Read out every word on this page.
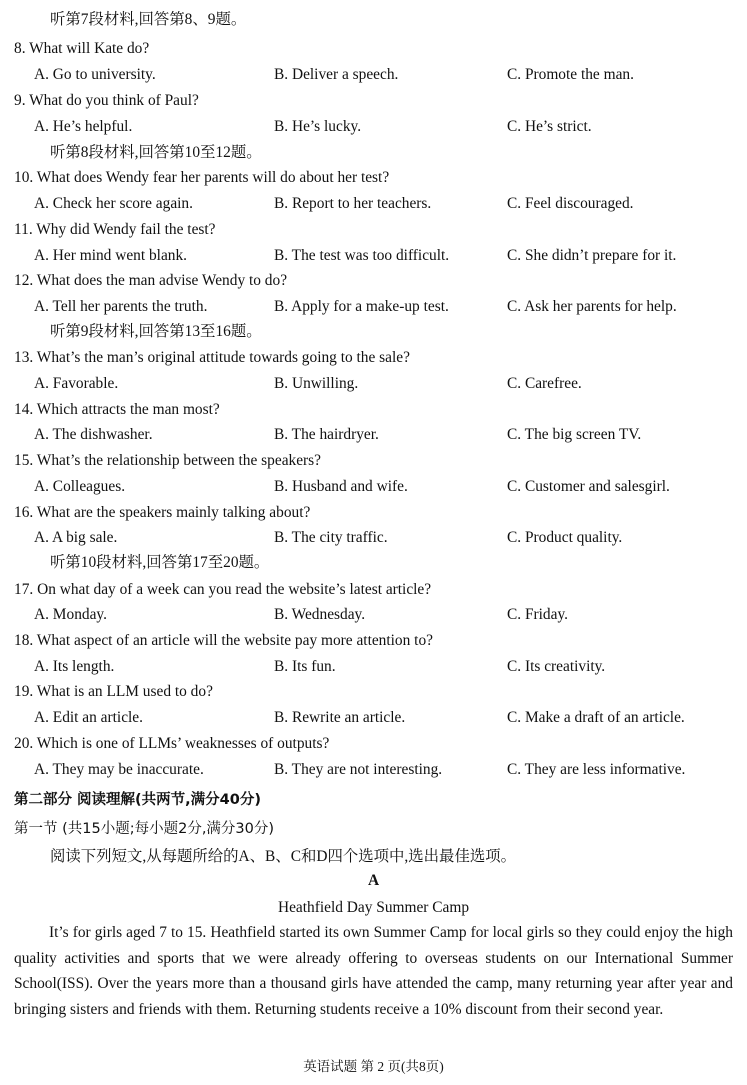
听第7段材料,回答第8、9题。
8. What will Kate do?
A. Go to university.	B. Deliver a speech.	C. Promote the man.
9. What do you think of Paul?
A. He’s helpful.	B. He’s lucky.	C. He’s strict.
听第8段材料,回答第10至12题。
10. What does Wendy fear her parents will do about her test?
A. Check her score again.	B. Report to her teachers.	C. Feel discouraged.
11. Why did Wendy fail the test?
A. Her mind went blank.	B. The test was too difficult.	C. She didn’t prepare for it.
12. What does the man advise Wendy to do?
A. Tell her parents the truth.	B. Apply for a make-up test.	C. Ask her parents for help.
听第9段材料,回答第13至16题。
13. What’s the man’s original attitude towards going to the sale?
A. Favorable.	B. Unwilling.	C. Carefree.
14. Which attracts the man most?
A. The dishwasher.	B. The hairdryer.	C. The big screen TV.
15. What’s the relationship between the speakers?
A. Colleagues.	B. Husband and wife.	C. Customer and salesgirl.
16. What are the speakers mainly talking about?
A. A big sale.	B. The city traffic.	C. Product quality.
听第10段材料,回答第17至20题。
17. On what day of a week can you read the website’s latest article?
A. Monday.	B. Wednesday.	C. Friday.
18. What aspect of an article will the website pay more attention to?
A. Its length.	B. Its fun.	C. Its creativity.
19. What is an LLM used to do?
A. Edit an article.	B. Rewrite an article.	C. Make a draft of an article.
20. Which is one of LLMs’ weaknesses of outputs?
A. They may be inaccurate.	B. They are not interesting.	C. They are less informative.
第二部分 阅读理解(共两节,满分40分)
第一节 (共15小题;每小题2分,满分30分)
阅读下列短文,从每题所给的A、B、C和D四个选项中,选出最佳选项。
A
Heathfield Day Summer Camp
It’s for girls aged 7 to 15. Heathfield started its own Summer Camp for local girls so they could enjoy the high quality activities and sports that we were already offering to overseas students on our International Summer School(ISS). Over the years more than a thousand girls have attended the camp, many returning year after year and bringing sisters and friends with them. Returning students receive a 10% discount from their second year.
英语试题 第 2 页(共8页)
